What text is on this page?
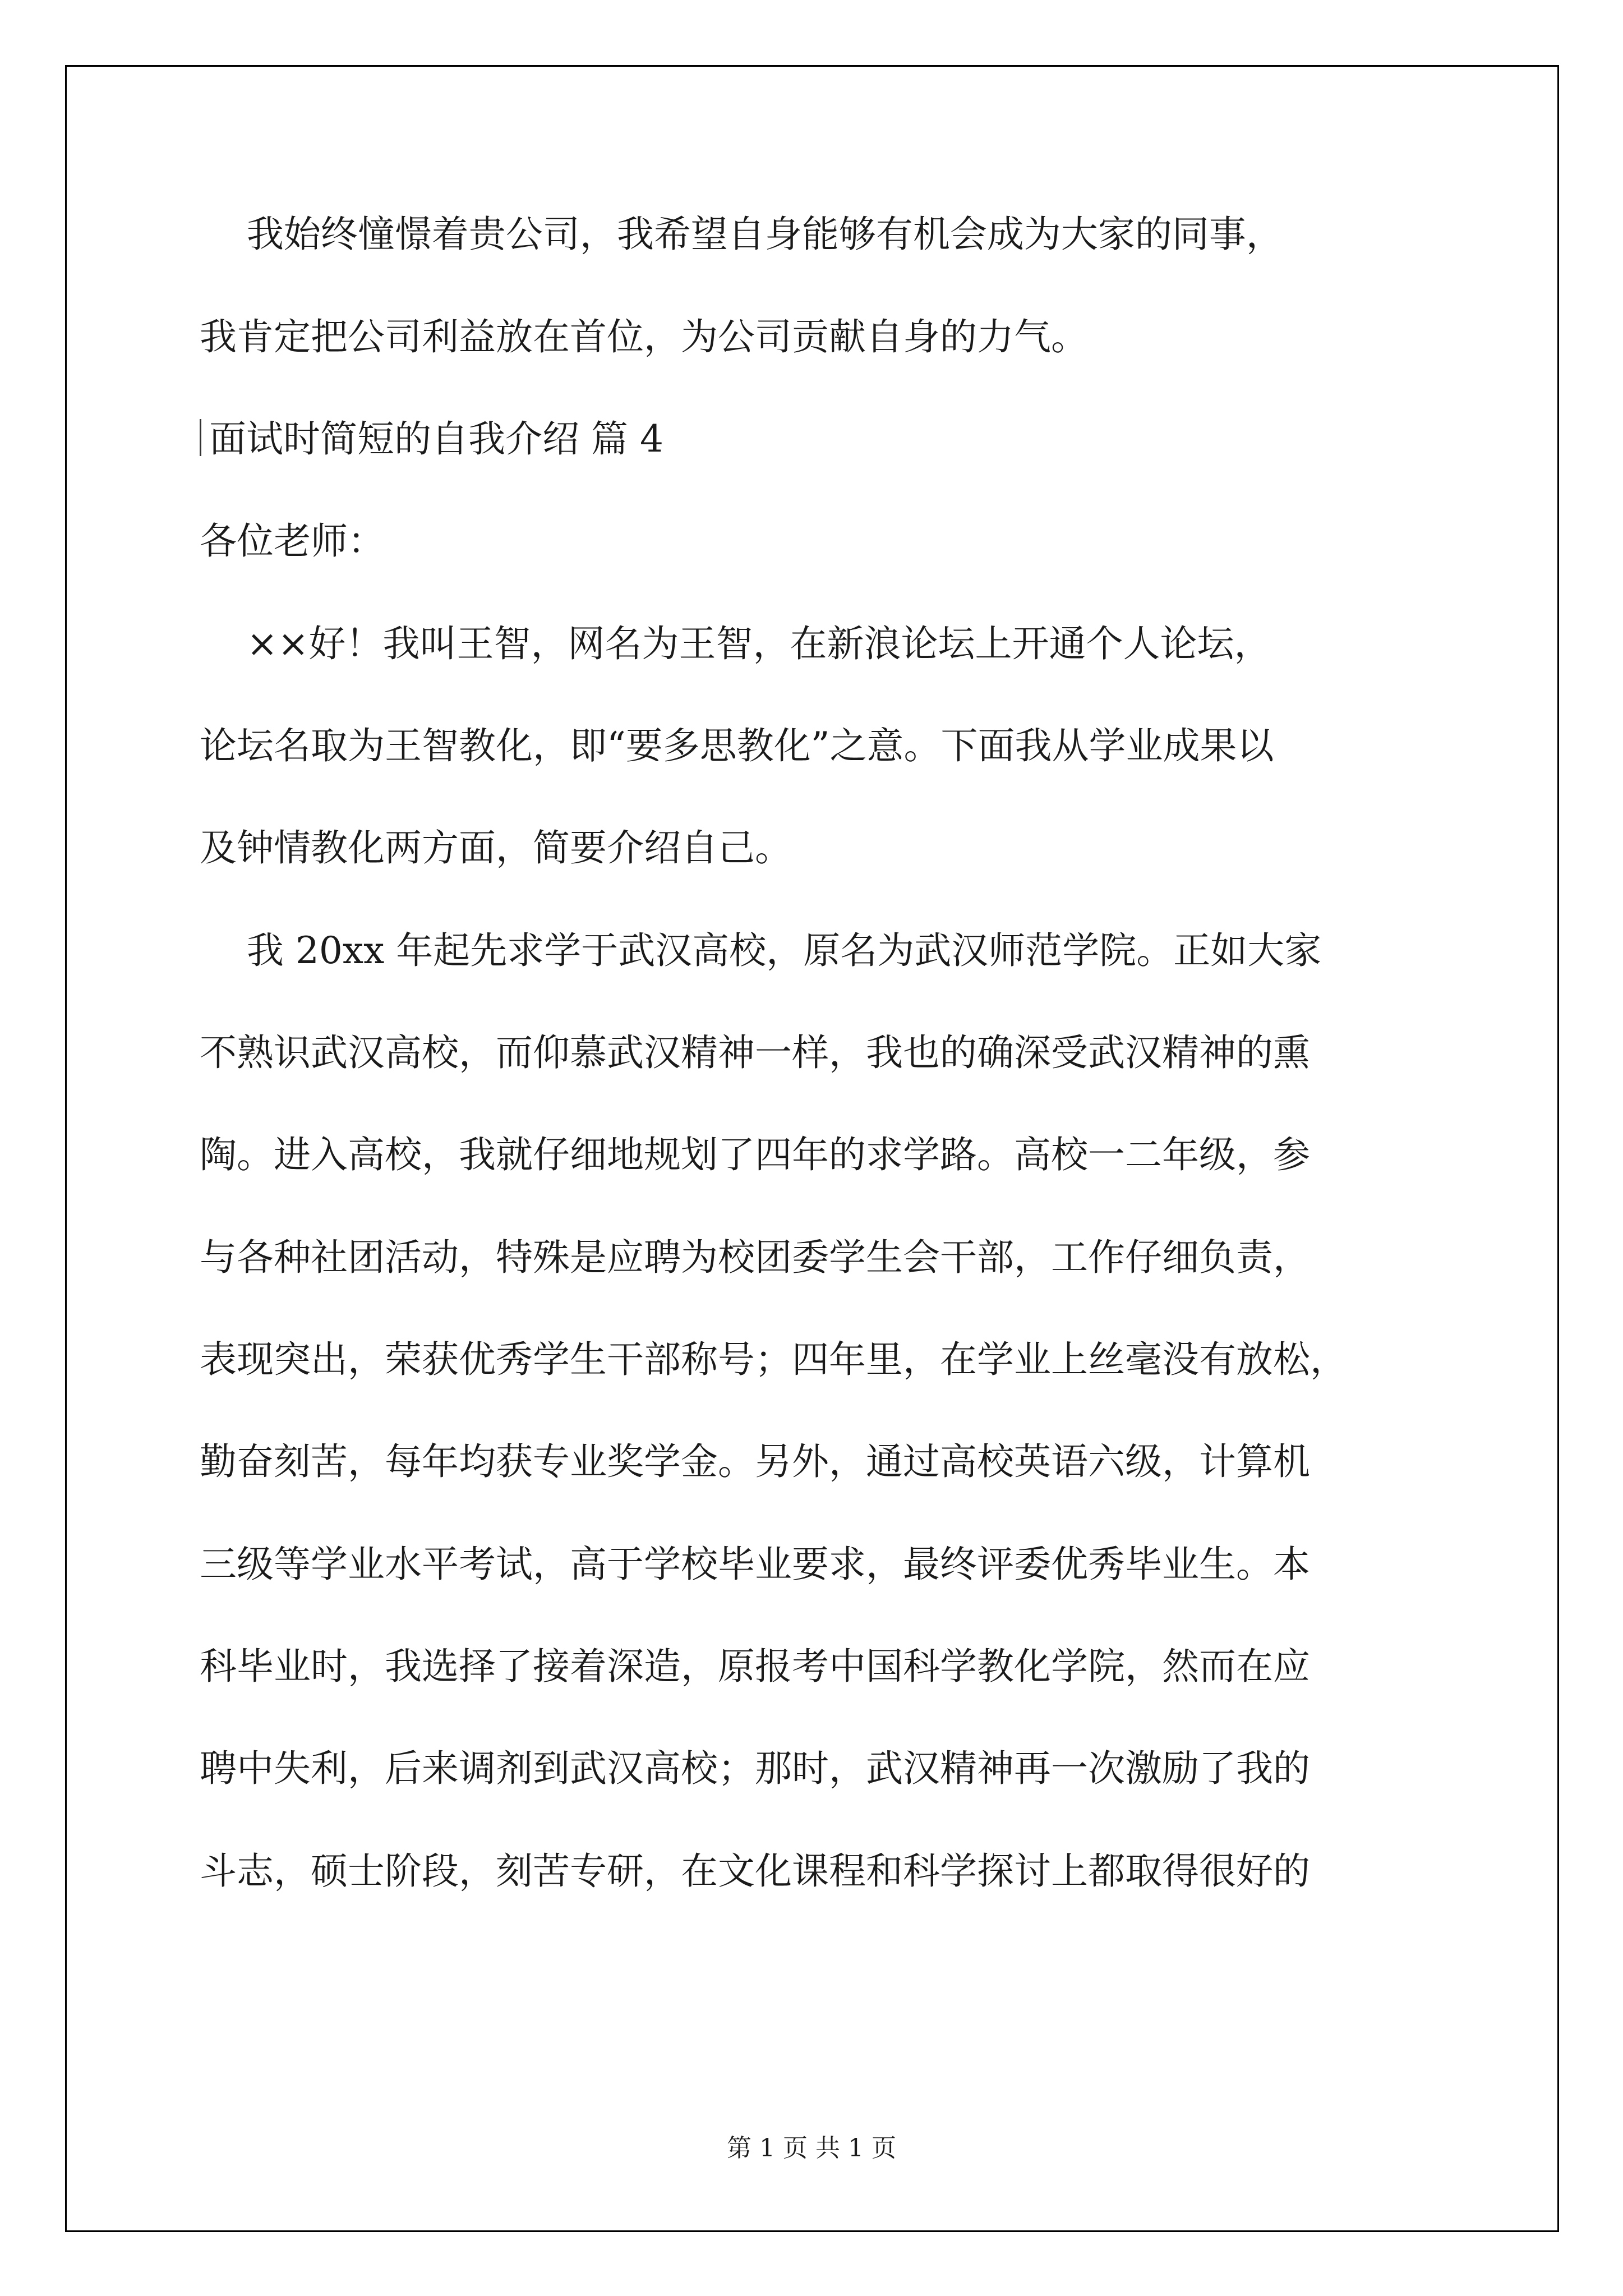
我始终憧憬着贵公司，我希望自身能够有机会成为大家的同事，
我肯定把公司利益放在首位，为公司贡献自身的力气。
面试时简短的自我介绍 篇 4
各位老师：
××好！我叫王智，网名为王智，在新浪论坛上开通个人论坛，
论坛名取为王智教化，即“要多思教化”之意。下面我从学业成果以
及钟情教化两方面，简要介绍自己。
我 20xx 年起先求学于武汉高校，原名为武汉师范学院。正如大家
不熟识武汉高校，而仰慕武汉精神一样，我也的确深受武汉精神的熏
陶。进入高校，我就仔细地规划了四年的求学路。高校一二年级，参
与各种社团活动，特殊是应聘为校团委学生会干部，工作仔细负责，
表现突出，荣获优秀学生干部称号；四年里，在学业上丝毫没有放松，
勤奋刻苦，每年均获专业奖学金。另外，通过高校英语六级，计算机
三级等学业水平考试，高于学校毕业要求，最终评委优秀毕业生。本
科毕业时，我选择了接着深造，原报考中国科学教化学院，然而在应
聘中失利，后来调剂到武汉高校；那时，武汉精神再一次激励了我的
斗志，硕士阶段，刻苦专研，在文化课程和科学探讨上都取得很好的
第 1 页 共 1 页
